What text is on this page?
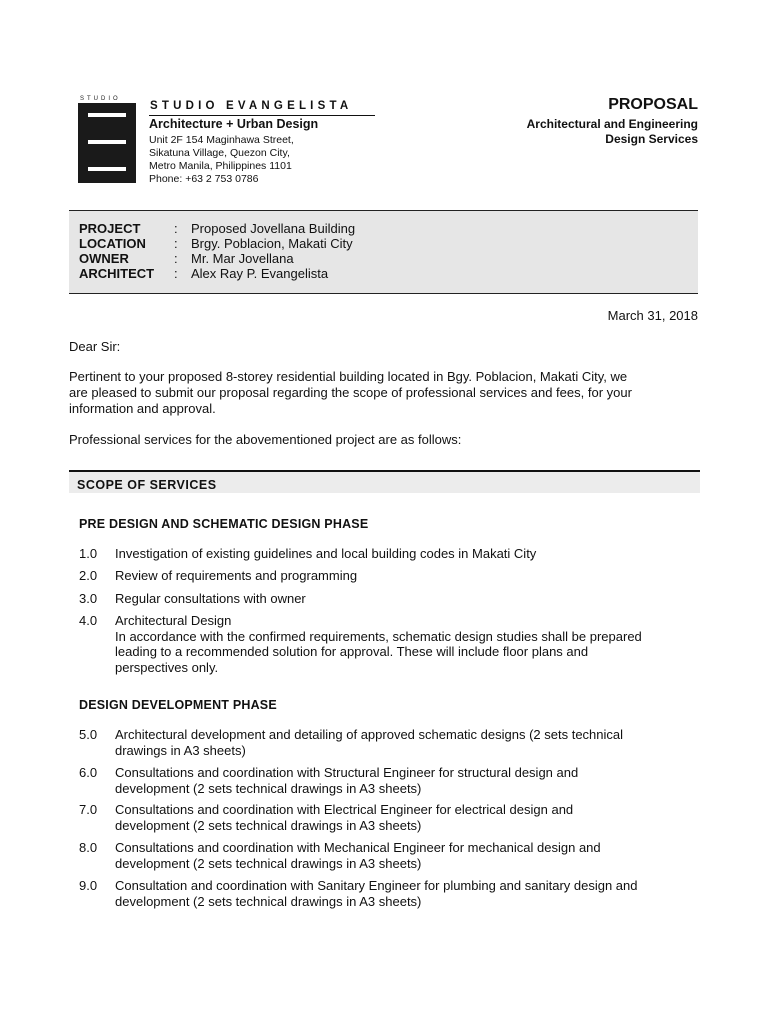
STUDIO
STUDIO EVANGELISTA
Architecture + Urban Design
Unit 2F 154 Maginhawa Street,
Sikatuna Village, Quezon City,
Metro Manila, Philippines 1101
Phone: +63 2 753 0786
PROPOSAL
Architectural and Engineering
Design Services
PROJECT	: Proposed Jovellana Building
LOCATION	: Brgy. Poblacion, Makati City
OWNER	: Mr. Mar Jovellana
ARCHITECT	: Alex Ray P. Evangelista
March 31, 2018
Dear Sir:
Pertinent to your proposed 8-storey residential building located in Bgy. Poblacion, Makati City, we
are pleased to submit our proposal regarding the scope of professional services and fees, for your
information and approval.
Professional services for the abovementioned project are as follows:
SCOPE OF SERVICES
PRE DESIGN AND SCHEMATIC DESIGN PHASE
1.0 Investigation of existing guidelines and local building codes in Makati City
2.0 Review of requirements and programming
3.0 Regular consultations with owner
4.0 Architectural Design
In accordance with the confirmed requirements, schematic design studies shall be prepared
leading to a recommended solution for approval. These will include floor plans and
perspectives only.
DESIGN DEVELOPMENT PHASE
5.0 Architectural development and detailing of approved schematic designs (2 sets technical
drawings in A3 sheets)
6.0 Consultations and coordination with Structural Engineer for structural design and
development (2 sets technical drawings in A3 sheets)
7.0 Consultations and coordination with Electrical Engineer for electrical design and
development (2 sets technical drawings in A3 sheets)
8.0 Consultations and coordination with Mechanical Engineer for mechanical design and
development (2 sets technical drawings in A3 sheets)
9.0 Consultation and coordination with Sanitary Engineer for plumbing and sanitary design and
development (2 sets technical drawings in A3 sheets)
